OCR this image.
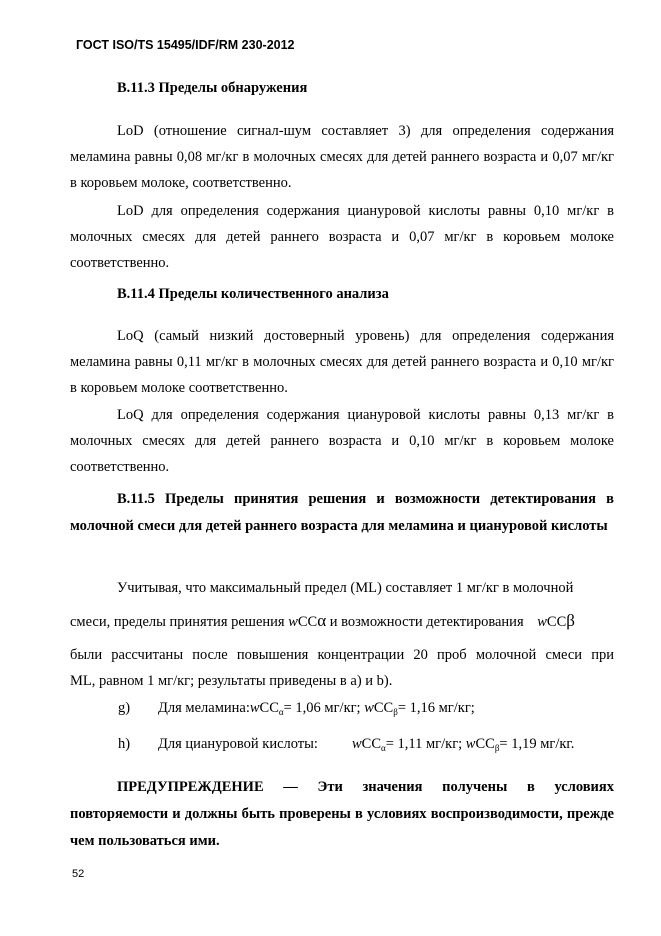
ГОСТ ISO/TS 15495/IDF/RM 230-2012
B.11.3 Пределы обнаружения

LoD (отношение сигнал-шум составляет 3) для определения содержания меламина равны 0,08 мг/кг в молочных смесях для детей раннего возраста и 0,07 мг/кг в коровьем молоке, соответственно.

LoD для определения содержания циануровой кислоты равны 0,10 мг/кг в молочных смесях для детей раннего возраста и 0,07 мг/кг в коровьем молоке соответственно.

B.11.4 Пределы количественного анализа

LoQ (самый низкий достоверный уровень) для определения содержания меламина равны 0,11 мг/кг в молочных смесях для детей раннего возраста и 0,10 мг/кг в коровьем молоке соответственно.

LoQ для определения содержания циануровой кислоты равны 0,13 мг/кг в молочных смесях для детей раннего возраста и 0,10 мг/кг в коровьем молоке соответственно.

B.11.5 Пределы принятия решения и возможности детектирования в молочной смеси для детей раннего возраста для меламина и циануровой кислоты

Учитывая, что максимальный предел (ML) составляет 1 мг/кг в молочной
смеси, пределы принятия решения wCCα и возможности детектирования wCCβ
были рассчитаны после повышения концентрации 20 проб молочной смеси при
ML, равном 1 мг/кг; результаты приведены в a) и b).
g) Для меламина:wCC$_\alpha$= 1,06 мг/кг; wCC$_\beta$= 1,16 мг/кг;
h) Для циануровой кислоты: wCC$_\alpha$= 1,11 мг/кг; wCC$_\beta$= 1,19 мг/кг.

ПРЕДУПРЕЖДЕНИЕ — Эти значения получены в условиях повторяемости и должны быть проверены в условиях воспроизводимости, прежде чем пользоваться ими.

52
